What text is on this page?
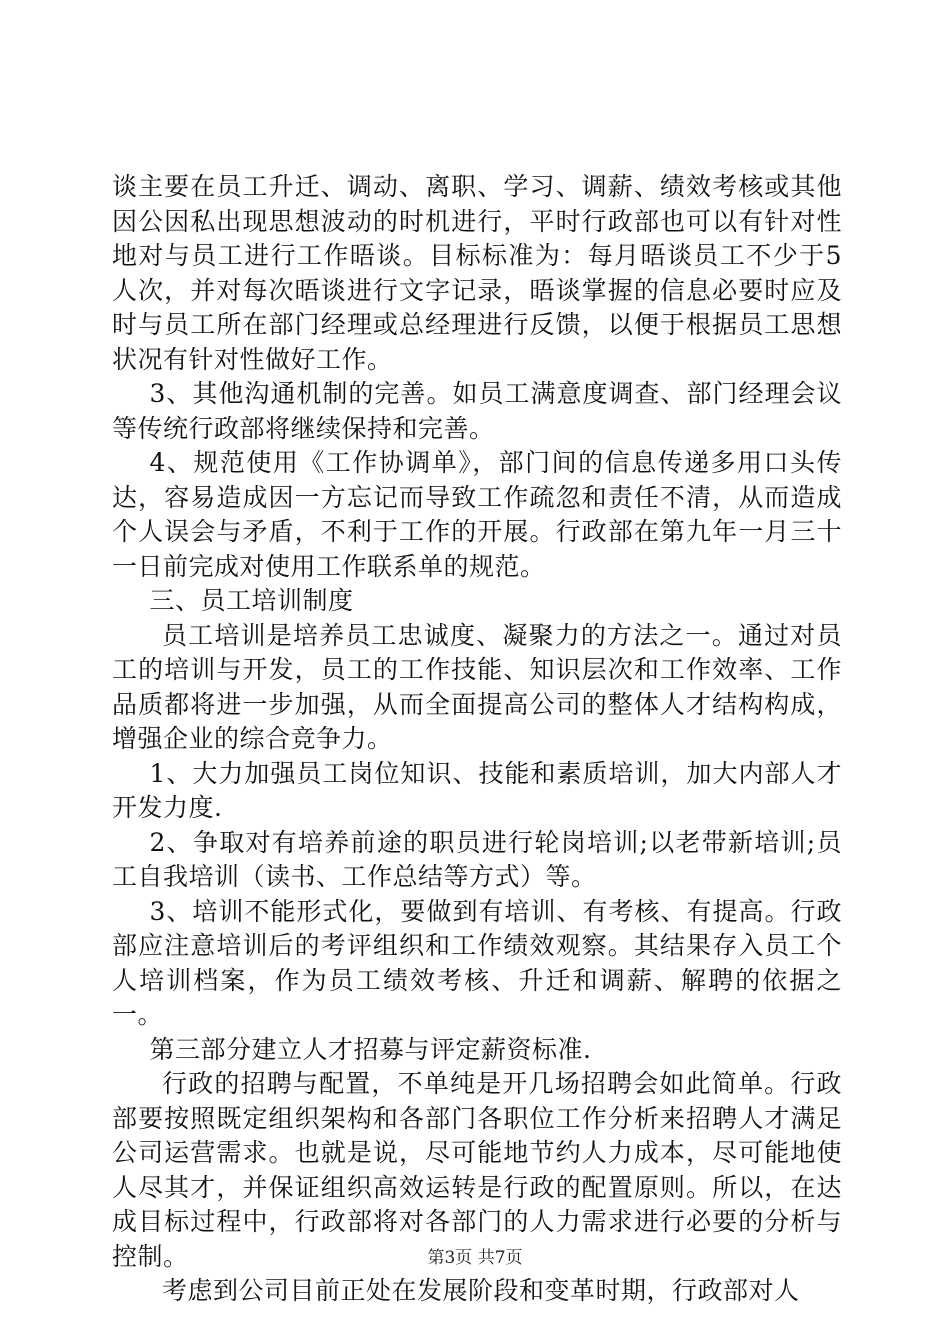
谈主要在员工升迁、调动、离职、学习、调薪、绩效考核或其他因公因私出现思想波动的时机进行，平时行政部也可以有针对性地对与员工进行工作晤谈。目标标准为：每月晤谈员工不少于5人次，并对每次晤谈进行文字记录，晤谈掌握的信息必要时应及时与员工所在部门经理或总经理进行反馈，以便于根据员工思想状况有针对性做好工作。

3、其他沟通机制的完善。如员工满意度调查、部门经理会议等传统行政部将继续保持和完善。

4、规范使用《工作协调单》，部门间的信息传递多用口头传达，容易造成因一方忘记而导致工作疏忽和责任不清，从而造成个人误会与矛盾，不利于工作的开展。行政部在第九年一月三十一日前完成对使用工作联系单的规范。

三、员工培训制度

员工培训是培养员工忠诚度、凝聚力的方法之一。通过对员工的培训与开发，员工的工作技能、知识层次和工作效率、工作品质都将进一步加强，从而全面提高公司的整体人才结构构成，增强企业的综合竞争力。

1、大力加强员工岗位知识、技能和素质培训，加大内部人才开发力度.

2、争取对有培养前途的职员进行轮岗培训;以老带新培训;员工自我培训（读书、工作总结等方式）等。

3、培训不能形式化，要做到有培训、有考核、有提高。行政部应注意培训后的考评组织和工作绩效观察。其结果存入员工个人培训档案，作为员工绩效考核、升迁和调薪、解聘的依据之一。

第三部分建立人才招募与评定薪资标准.

行政的招聘与配置，不单纯是开几场招聘会如此简单。行政部要按照既定组织架构和各部门各职位工作分析来招聘人才满足公司运营需求。也就是说，尽可能地节约人力成本，尽可能地使人尽其才，并保证组织高效运转是行政的配置原则。所以，在达成目标过程中，行政部将对各部门的人力需求进行必要的分析与控制。

考虑到公司目前正处在发展阶段和变革时期，行政部对人

第3页 共7页
